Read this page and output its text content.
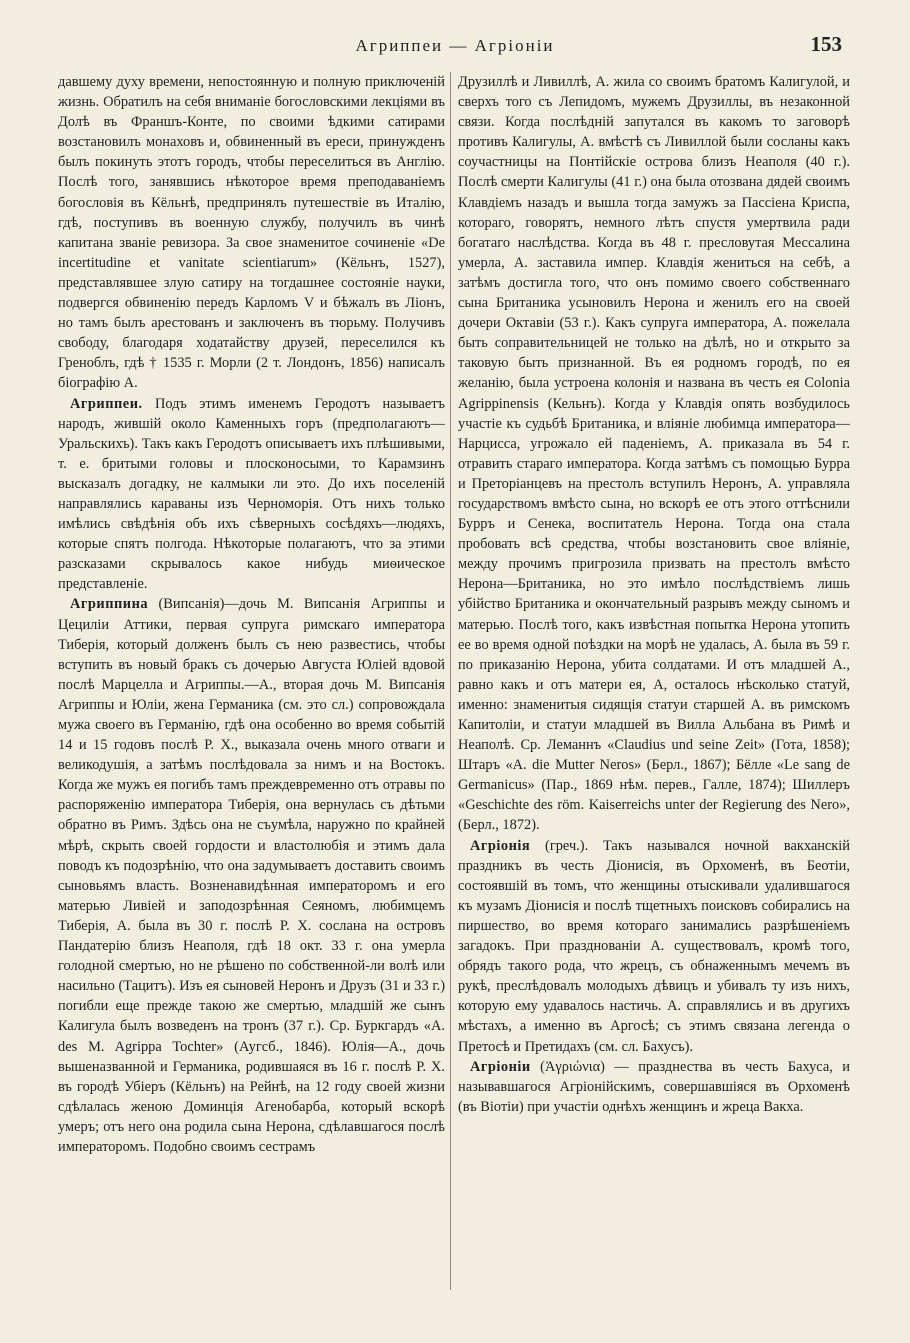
Агриппеи — Агріоніи	153

давшему духу времени, непостоянную и полную приключеній жизнь. Обратилъ на себя вниманіе богословскими лекціями въ Долѣ въ Франшъ-Конте, по своими ѣдкими сатирами возстановилъ монаховъ и, обвиненный въ ереси, принужденъ былъ покинуть этотъ городъ, чтобы переселиться въ Англію. Послѣ того, занявшись нѣкоторое время преподаваніемъ богословія въ Кёльнѣ, предпринялъ путешествіе въ Италію, гдѣ, поступивъ въ военную службу, получилъ въ чинѣ капитана званіе ревизора. За свое знаменитое сочиненіе «De incertitudine et vanitate scientiarum» (Кёльнъ, 1527), представлявшее злую сатиру на тогдашнее состояніе науки, подвергся обвиненію передъ Карломъ V и бѣжалъ въ Ліонъ, но тамъ былъ арестованъ и заключенъ въ тюрьму. Получивъ свободу, благодаря ходатайству друзей, переселился къ Греноблъ, гдѣ † 1535 г. Морли (2 т. Лондонъ, 1856) написалъ біографію А.

Агриппеи. Подъ этимъ именемъ Геродотъ называетъ народъ, жившій около Каменныхъ горъ (предполагаютъ—Уральскихъ). Такъ какъ Геродотъ описываетъ ихъ плѣшивыми, т. е. бритыми головы и плосконосыми, то Карамзинъ высказалъ догадку, не калмыки ли это. До ихъ поселеній направлялись караваны изъ Черноморія. Отъ нихъ только имѣлись свѣдѣнія объ ихъ сѣверныхъ сосѣдяхъ—людяхъ, которые спятъ полгода. Нѣкоторые полагаютъ, что за этими разсказами скрывалось какое нибудь миѳическое представленіе.

Агриппина (Випсанія)—дочь М. Випсанія Агриппы и Цециліи Аттики, первая супруга римскаго императора Тиберія, который долженъ былъ съ нею развестись, чтобы вступить въ новый бракъ съ дочерью Августа Юліей вдовой послѣ Марцелла и Агриппы.—А., вторая дочь М. Випсанія Агриппы и Юліи, жена Германика (см. это сл.) сопровождала мужа своего въ Германію, гдѣ она особенно во время событій 14 и 15 годовъ послѣ Р. Х., выказала очень много отваги и великодушія, а затѣмъ послѣдовала за нимъ и на Востокъ. Когда же мужъ ея погибъ тамъ преждевременно отъ отравы по распоряженію императора Тиберія, она вернулась съ дѣтьми обратно въ Римъ. Здѣсь она не съумѣла, наружно по крайней мѣрѣ, скрыть своей гордости и властолюбія и этимъ дала поводъ къ подозрѣнію, что она задумываетъ доставить своимъ сыновьямъ власть. Возненавидѣнная императоромъ и его матерью Ливіей и заподозрѣнная Сеяномъ, любимцемъ Тиберія, А. была въ 30 г. послѣ Р. Х. сослана на островъ Пандатерію близъ Неаполя, гдѣ 18 окт. 33 г. она умерла голодной смертью, но не рѣшено по собственной-ли волѣ или насильно (Тацитъ). Изъ ея сыновей Неронъ и Друзъ (31 и 33 г.) погибли еще прежде такою же смертью, младшій же сынъ Калигула былъ возведенъ на тронъ (37 г.). Ср. Буркгардъ «A. des M. Agrippa Tochter» (Аугсб., 1846). Юлія—А., дочь вышеназванной и Германика, родившаяся въ 16 г. послѣ Р. Х. въ городѣ Убіеръ (Кёльнъ) на Рейнѣ, на 12 году своей жизни сдѣлалась женою Доминція Агенобарба, который вскорѣ умеръ; отъ него она родила сына Нерона, сдѣлавшагося послѣ императоромъ. Подобно своимъ сестрамъ

Друзиллѣ и Ливиллѣ, А. жила со своимъ братомъ Калигулой, и сверхъ того съ Лепидомъ, мужемъ Друзиллы, въ незаконной связи. Когда послѣдній запутался въ какомъ то заговорѣ противъ Калигулы, А. вмѣстѣ съ Ливиллой были сосланы какъ соучастницы на Понтійскіе острова близъ Неаполя (40 г.). Послѣ смерти Калигулы (41 г.) она была отозвана дядей своимъ Клавдіемъ назадъ и вышла тогда замужъ за Пассіена Криспа, котораго, говорятъ, немного лѣтъ спустя умертвила ради богатаго наслѣдства. Когда въ 48 г. пресловутая Мессалина умерла, А. заставила импер. Клавдія жениться на себѣ, а затѣмъ достигла того, что онъ помимо своего собственнаго сына Британика усыновилъ Нерона и женилъ его на своей дочери Октавіи (53 г.). Какъ супруга императора, А. пожелала быть соправительницей не только на дѣлѣ, но и открыто за таковую быть признанной. Въ ея родномъ городѣ, по ея желанію, была устроена колонія и названа въ честь ея Colonia Agrippinensis (Кельнъ). Когда у Клавдія опять возбудилось участіе къ судьбѣ Британика, и вліяніе любимца императора—Нарцисса, угрожало ей паденіемъ, А. приказала въ 54 г. отравить стараго императора. Когда затѣмъ съ помощью Бурра и Преторіанцевъ на престолъ вступилъ Неронъ, А. управляла государствомъ вмѣсто сына, но вскорѣ ее отъ этого оттѣснили Бурръ и Сенека, воспитатель Нерона. Тогда она стала пробовать всѣ средства, чтобы возстановить свое вліяніе, между прочимъ пригрозила призвать на престолъ вмѣсто Нерона—Британика, но это имѣло послѣдствіемъ лишь убійство Британика и окончательный разрывъ между сыномъ и матерью. Послѣ того, какъ извѣстная попытка Нерона утопить ее во время одной поѣздки на морѣ не удалась, А. была въ 59 г. по приказанію Нерона, убита солдатами. И отъ младшей А., равно какъ и отъ матери ея, А, осталось нѣсколько статуй, именно: знаменитыя сидящія статуи старшей А. въ римскомъ Капитоліи, и статуи младшей въ Вилла Альбана въ Римѣ и Неаполѣ. Ср. Леманнъ «Claudius und seine Zeit» (Гота, 1858); Штаръ «A. die Mutter Neros» (Берл., 1867); Бёлле «Le sang de Germanicus» (Пар., 1869 нѣм. перев., Галле, 1874); Шиллеръ «Geschichte des röm. Kaiserreichs unter der Regierung des Nero», (Берл., 1872).

Агріонія (греч.). Такъ назывался ночной вакханскій праздникъ въ честь Діонисія, въ Орхоменѣ, въ Беотіи, состоявшій въ томъ, что женщины отыскивали удалившагося къ музамъ Діонисія и послѣ тщетныхъ поисковъ собирались на пиршество, во время котораго занимались разрѣшеніемъ загадокъ. При празднованіи А. существовалъ, кромѣ того, обрядъ такого рода, что жрецъ, съ обнаженнымъ мечемъ въ рукѣ, преслѣдовалъ молодыхъ дѣвицъ и убивалъ ту изъ нихъ, которую ему удавалось настичь. А. справлялись и въ другихъ мѣстахъ, а именно въ Аргосѣ; съ этимъ связана легенда о Претосѣ и Претидахъ (см. сл. Бахусъ).

Агріоніи (Ἀγριώνια) — празднества въ честь Бахуса, и называвшагося Агріонійскимъ, совершавшіяся въ Орхоменѣ (въ Віотіи) при участіи однѣхъ женщинъ и жреца Вакха.
